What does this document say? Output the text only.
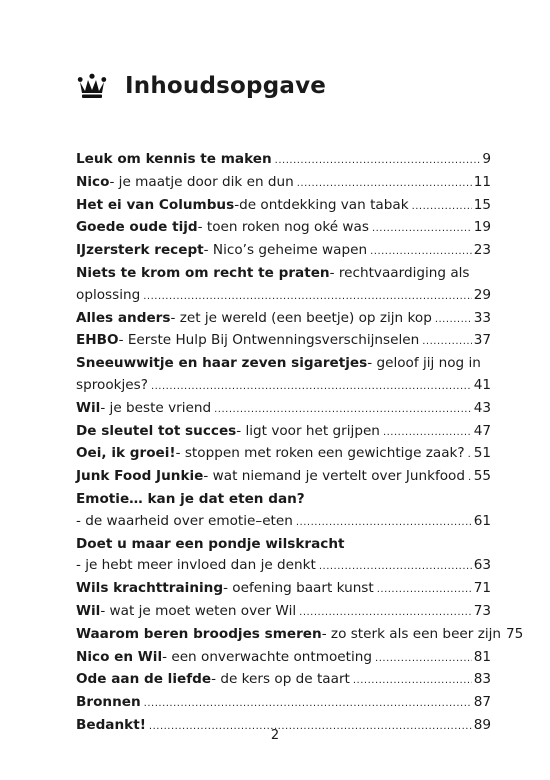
Inhoudsopgave
Leuk om kennis te maken .....	9
Nico - je maatje door dik en dun .....	11
Het ei van Columbus -de ontdekking van tabak .....	15
Goede oude tijd - toen roken nog oké was .....	19
IJzersterk recept - Nico’s geheime wapen .....	23
Niets te krom om recht te praten - rechtvaardiging als
oplossing .....	29
Alles anders - zet je wereld (een beetje) op zijn kop .....	33
EHBO - Eerste Hulp Bij Ontwenningsverschijnselen .....	37
Sneeuwwitje en haar zeven sigaretjes - geloof jij nog in
sprookjes? .....	41
Wil - je beste vriend .....	43
De sleutel tot succes - ligt voor het grijpen .....	47
Oei, ik groei! - stoppen met roken een gewichtige zaak? ..... 51
Junk Food Junkie - wat niemand je vertelt over Junkfood ..... 55
Emotie… kan je dat eten dan?
- de waarheid over emotie–eten .....	61
Doet u maar een pondje wilskracht
- je hebt meer invloed dan je denkt .....	63
Wils krachttraining - oefening baart kunst .....	71
Wil - wat je moet weten over Wil .....	73
Waarom beren broodjes smeren - zo sterk als een beer zijn 75
Nico en Wil - een onverwachte ontmoeting .....	81
Ode aan de liefde - de kers op de taart .....	83
Bronnen .....	87
Bedankt! .....	89
2
